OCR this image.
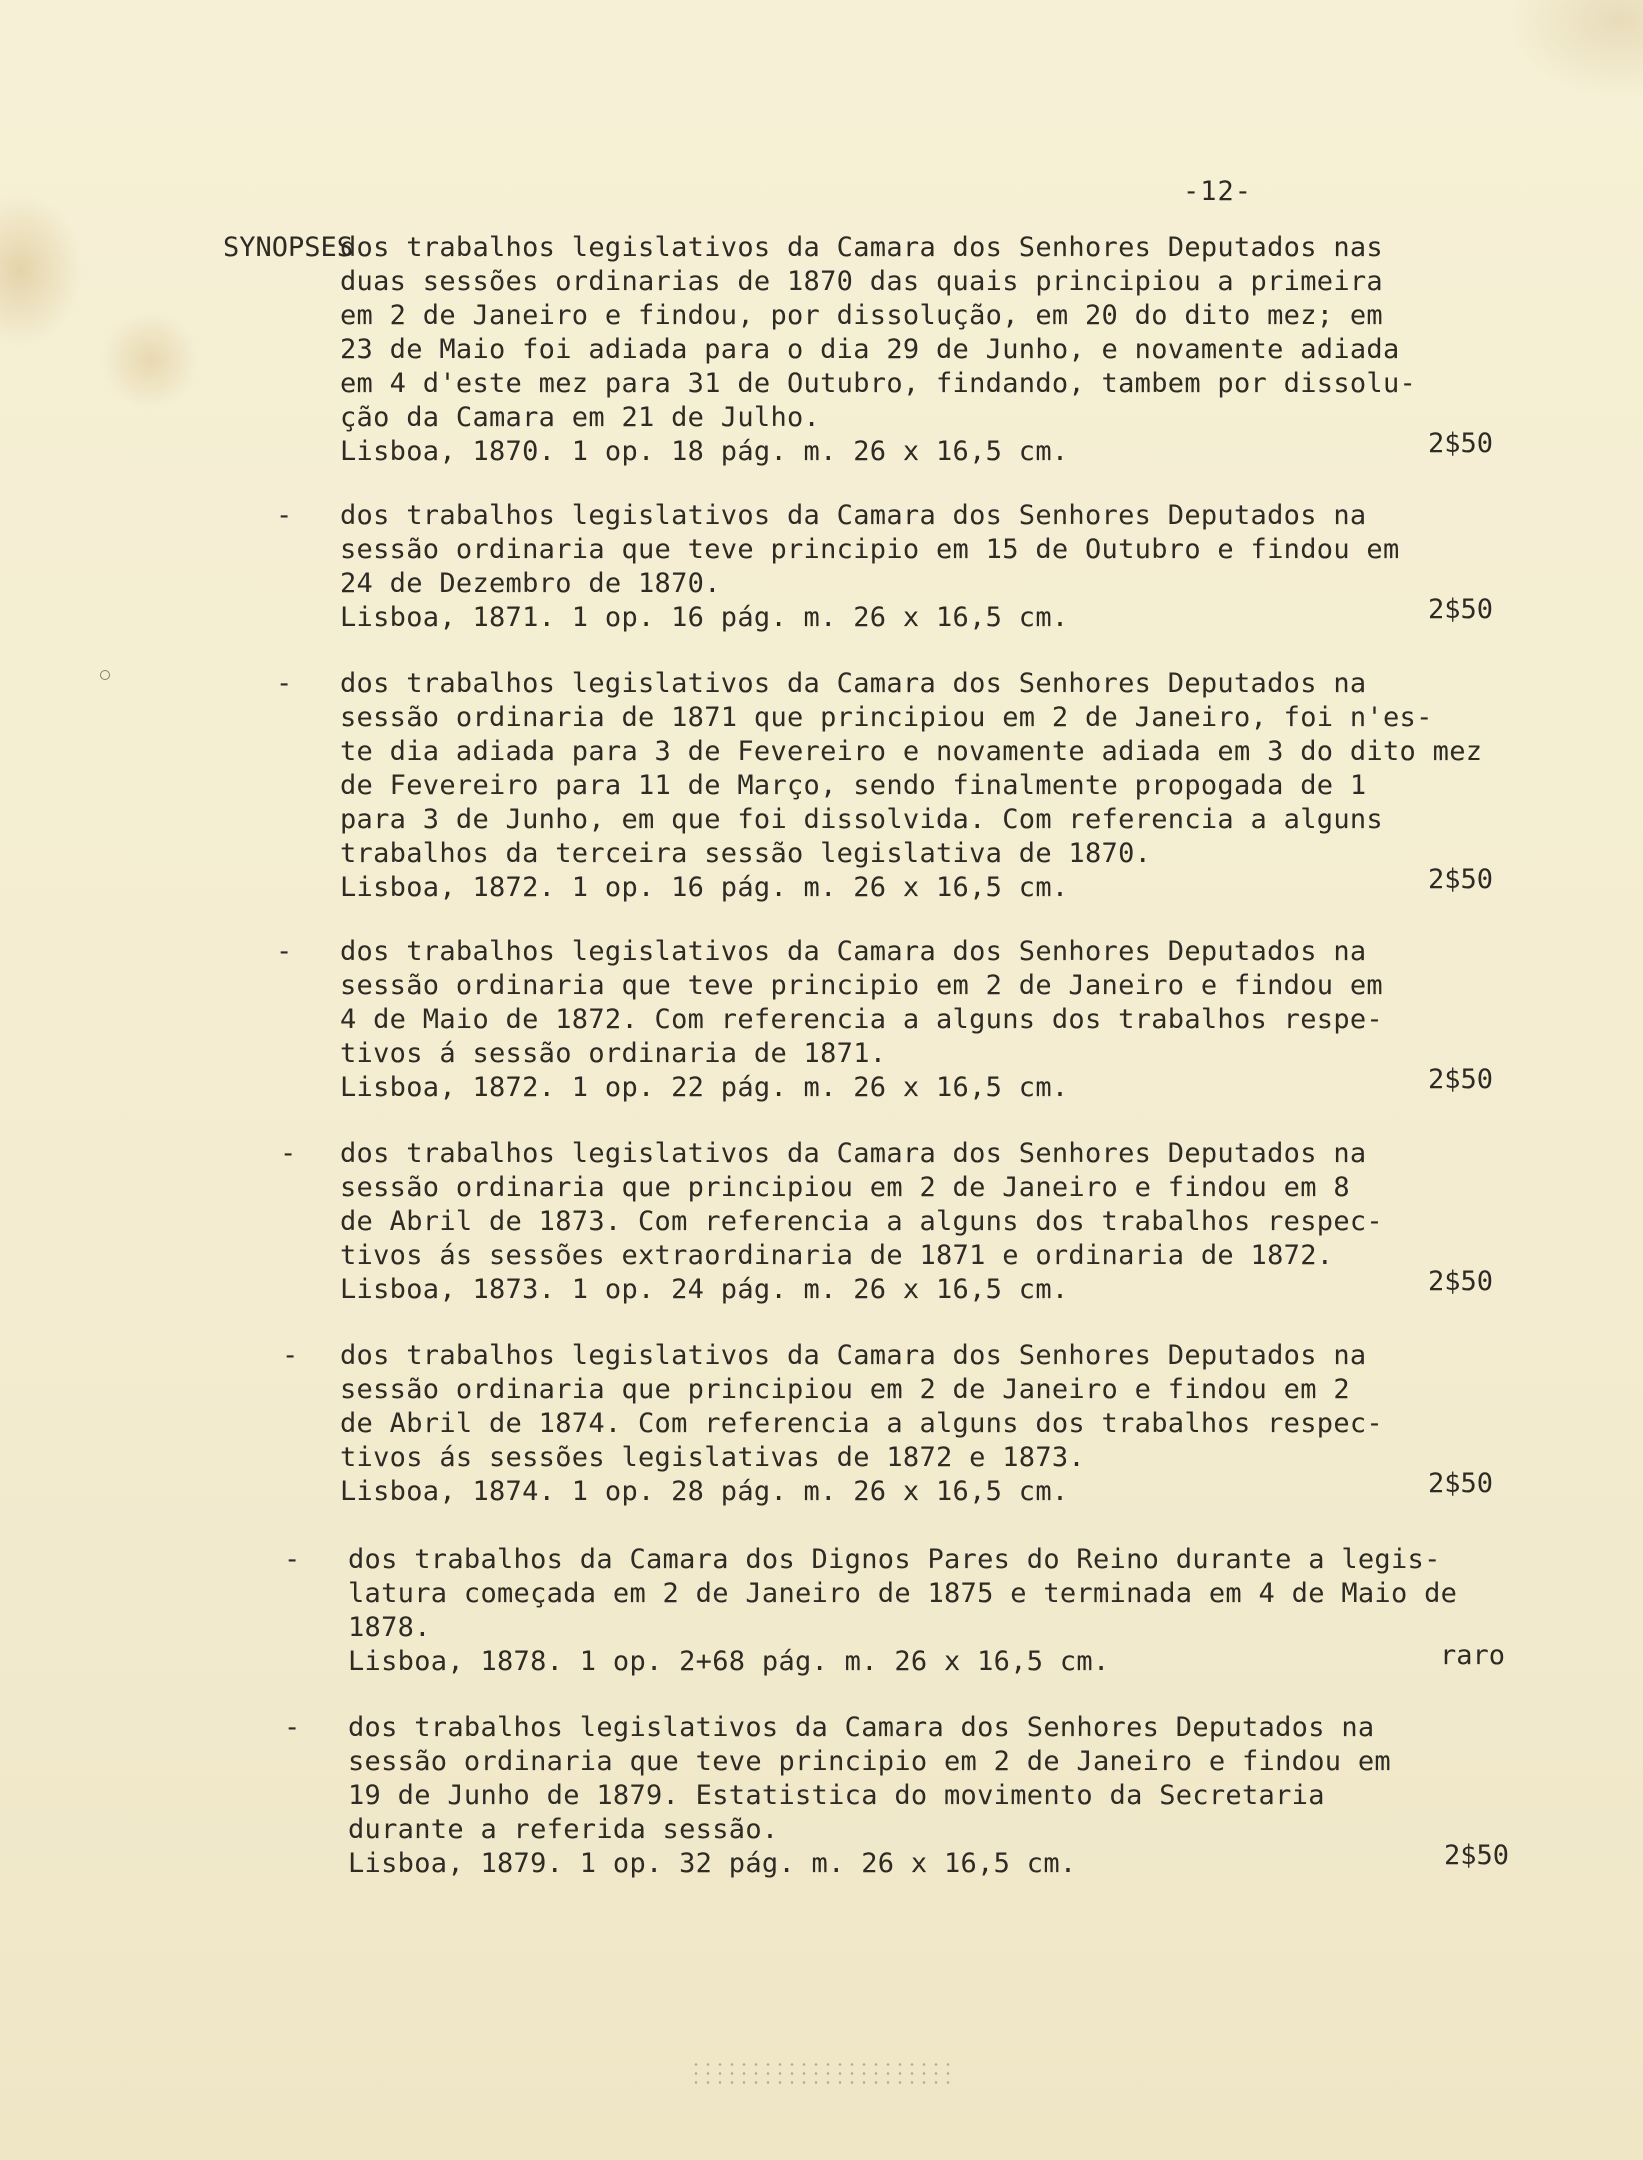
-12-
SYNOPSES
dos trabalhos legislativos da Camara dos Senhores Deputados nas
duas sessões ordinarias de 1870 das quais principiou a primeira
em 2 de Janeiro e findou, por dissolução, em 20 do dito mez; em
23 de Maio foi adiada para o dia 29 de Junho, e novamente adiada
em 4 d'este mez para 31 de Outubro, findando, tambem por dissolu-
ção da Camara em 21 de Julho.
Lisboa, 1870. 1 op. 18 pág. m. 26 x 16,5 cm.	2$50
- dos trabalhos legislativos da Camara dos Senhores Deputados na
sessão ordinaria que teve principio em 15 de Outubro e findou em
24 de Dezembro de 1870.
Lisboa, 1871. 1 op. 16 pág. m. 26 x 16,5 cm.	2$50
- dos trabalhos legislativos da Camara dos Senhores Deputados na
sessão ordinaria de 1871 que principiou em 2 de Janeiro, foi n'es-
te dia adiada para 3 de Fevereiro e novamente adiada em 3 do dito mez
de Fevereiro para 11 de Março, sendo finalmente propogada de 1
para 3 de Junho, em que foi dissolvida. Com referencia a alguns
trabalhos da terceira sessão legislativa de 1870.
Lisboa, 1872. 1 op. 16 pág. m. 26 x 16,5 cm.	2$50
- dos trabalhos legislativos da Camara dos Senhores Deputados na
sessão ordinaria que teve principio em 2 de Janeiro e findou em
4 de Maio de 1872. Com referencia a alguns dos trabalhos respe-
tivos á sessão ordinaria de 1871.
Lisboa, 1872. 1 op. 22 pág. m. 26 x 16,5 cm.	2$50
- dos trabalhos legislativos da Camara dos Senhores Deputados na
sessão ordinaria que principiou em 2 de Janeiro e findou em 8
de Abril de 1873. Com referencia a alguns dos trabalhos respec-
tivos ás sessões extraordinaria de 1871 e ordinaria de 1872.
Lisboa, 1873. 1 op. 24 pág. m. 26 x 16,5 cm.	2$50
- dos trabalhos legislativos da Camara dos Senhores Deputados na
sessão ordinaria que principiou em 2 de Janeiro e findou em 2
de Abril de 1874. Com referencia a alguns dos trabalhos respec-
tivos ás sessões legislativas de 1872 e 1873.
Lisboa, 1874. 1 op. 28 pág. m. 26 x 16,5 cm.	2$50
- dos trabalhos da Camara dos Dignos Pares do Reino durante a legis-
latura começada em 2 de Janeiro de 1875 e terminada em 4 de Maio de
1878.
Lisboa, 1878. 1 op. 2+68 pág. m. 26 x 16,5 cm.	raro
- dos trabalhos legislativos da Camara dos Senhores Deputados na
sessão ordinaria que teve principio em 2 de Janeiro e findou em
19 de Junho de 1879. Estatistica do movimento da Secretaria
durante a referida sessão.
Lisboa, 1879. 1 op. 32 pág. m. 26 x 16,5 cm.	2$50
